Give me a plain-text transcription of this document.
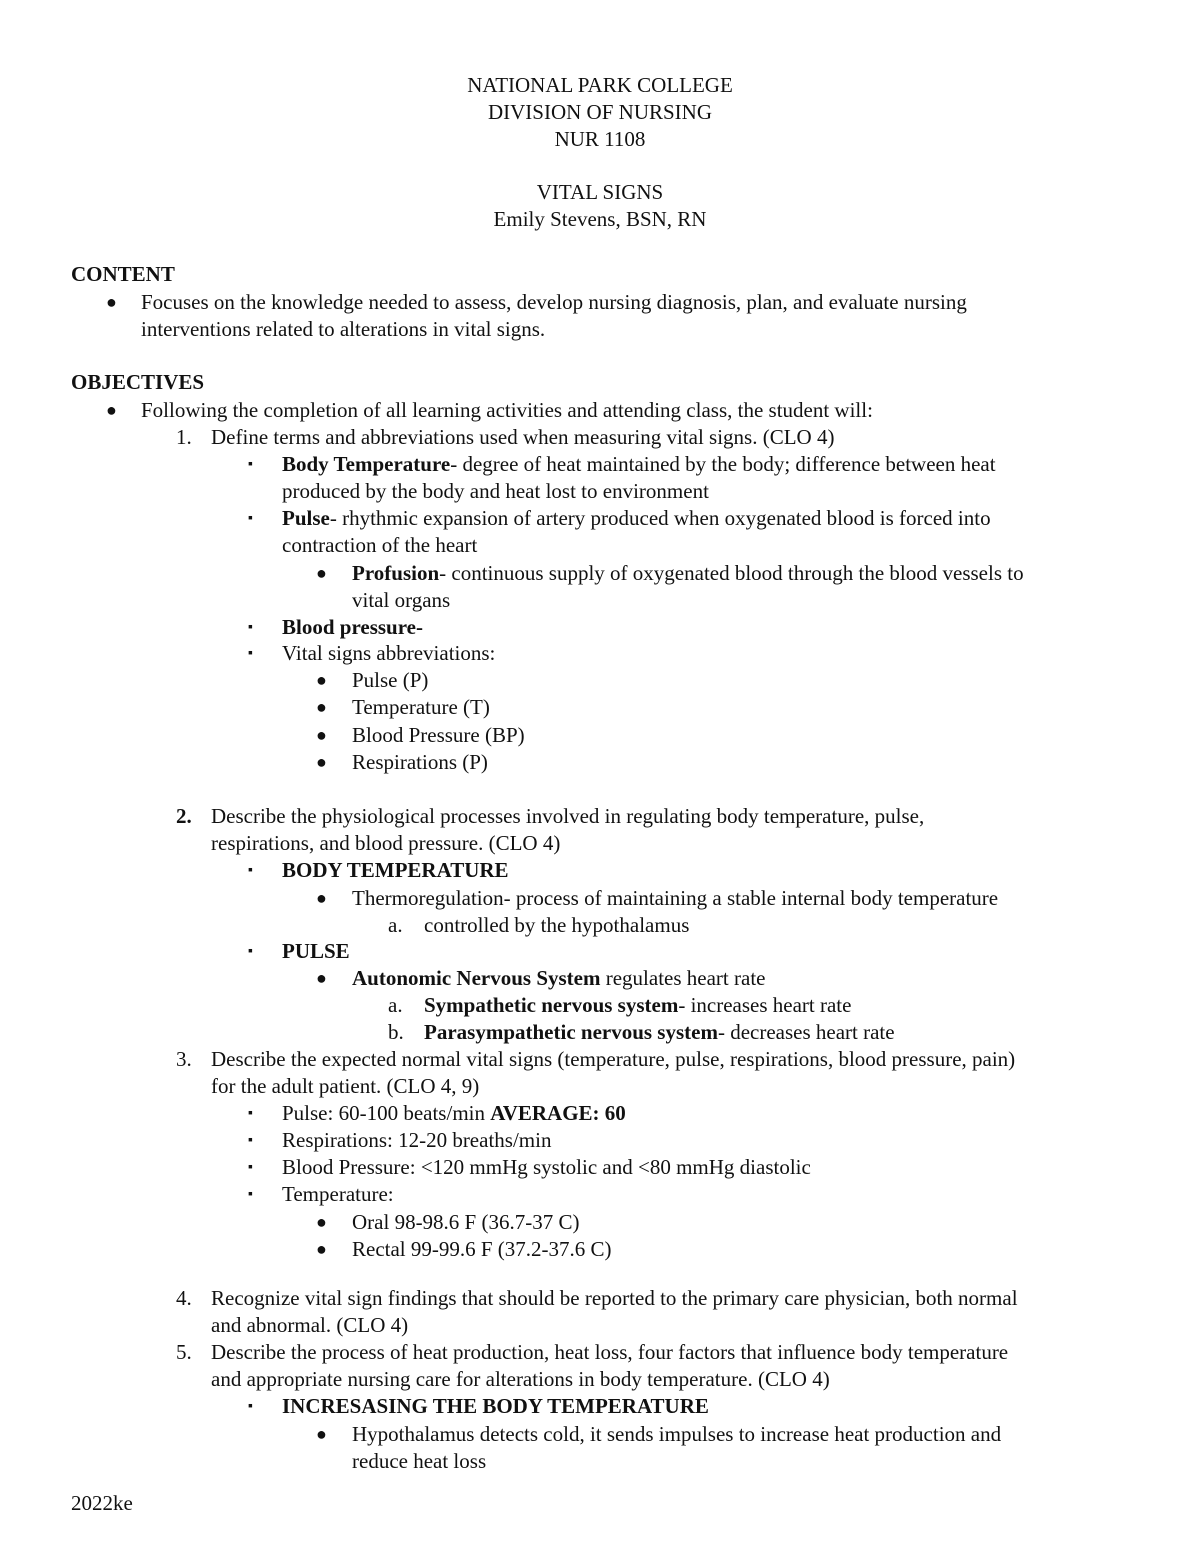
NATIONAL PARK COLLEGE
DIVISION OF NURSING
NUR 1108
VITAL SIGNS
Emily Stevens, BSN, RN
CONTENT
● Focuses on the knowledge needed to assess, develop nursing diagnosis, plan, and evaluate nursing
interventions related to alterations in vital signs.
OBJECTIVES
● Following the completion of all learning activities and attending class, the student will:
1. Define terms and abbreviations used when measuring vital signs. (CLO 4)
▪ Body Temperature- degree of heat maintained by the body; difference between heat
produced by the body and heat lost to environment
▪ Pulse- rhythmic expansion of artery produced when oxygenated blood is forced into
contraction of the heart
● Profusion- continuous supply of oxygenated blood through the blood vessels to
vital organs
▪ Blood pressure-
▪ Vital signs abbreviations:
● Pulse (P)
● Temperature (T)
● Blood Pressure (BP)
● Respirations (P)
2. Describe the physiological processes involved in regulating body temperature, pulse,
respirations, and blood pressure. (CLO 4)
▪ BODY TEMPERATURE
● Thermoregulation- process of maintaining a stable internal body temperature
a. controlled by the hypothalamus
▪ PULSE
● Autonomic Nervous System regulates heart rate
a. Sympathetic nervous system- increases heart rate
b. Parasympathetic nervous system- decreases heart rate
3. Describe the expected normal vital signs (temperature, pulse, respirations, blood pressure, pain)
for the adult patient. (CLO 4, 9)
▪ Pulse: 60-100 beats/min AVERAGE: 60
▪ Respirations: 12-20 breaths/min
▪ Blood Pressure: <120 mmHg systolic and <80 mmHg diastolic
▪ Temperature:
● Oral 98-98.6 F (36.7-37 C)
● Rectal 99-99.6 F (37.2-37.6 C)
4. Recognize vital sign findings that should be reported to the primary care physician, both normal
and abnormal. (CLO 4)
5. Describe the process of heat production, heat loss, four factors that influence body temperature
and appropriate nursing care for alterations in body temperature. (CLO 4)
▪ INCRESASING THE BODY TEMPERATURE
● Hypothalamus detects cold, it sends impulses to increase heat production and
reduce heat loss
2022ke
